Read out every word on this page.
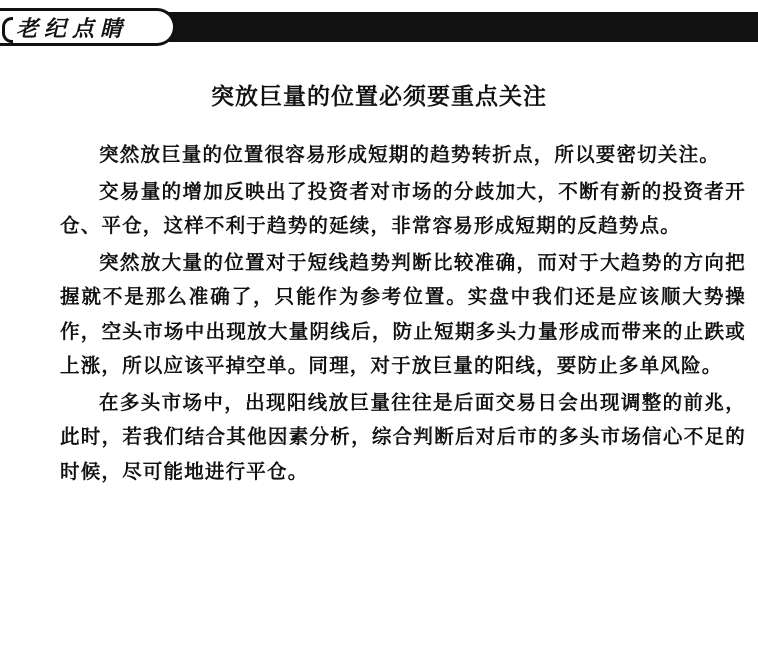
老纪点睛
突放巨量的位置必须要重点关注

突然放巨量的位置很容易形成短期的趋势转折点，所以要密切关注。

交易量的增加反映出了投资者对市场的分歧加大，不断有新的投资者开仓、平仓，这样不利于趋势的延续，非常容易形成短期的反趋势点。

突然放大量的位置对于短线趋势判断比较准确，而对于大趋势的方向把握就不是那么准确了，只能作为参考位置。实盘中我们还是应该顺大势操作，空头市场中出现放大量阴线后，防止短期多头力量形成而带来的止跌或上涨，所以应该平掉空单。同理，对于放巨量的阳线，要防止多单风险。

在多头市场中，出现阳线放巨量往往是后面交易日会出现调整的前兆，此时，若我们结合其他因素分析，综合判断后对后市的多头市场信心不足的时候，尽可能地进行平仓。
